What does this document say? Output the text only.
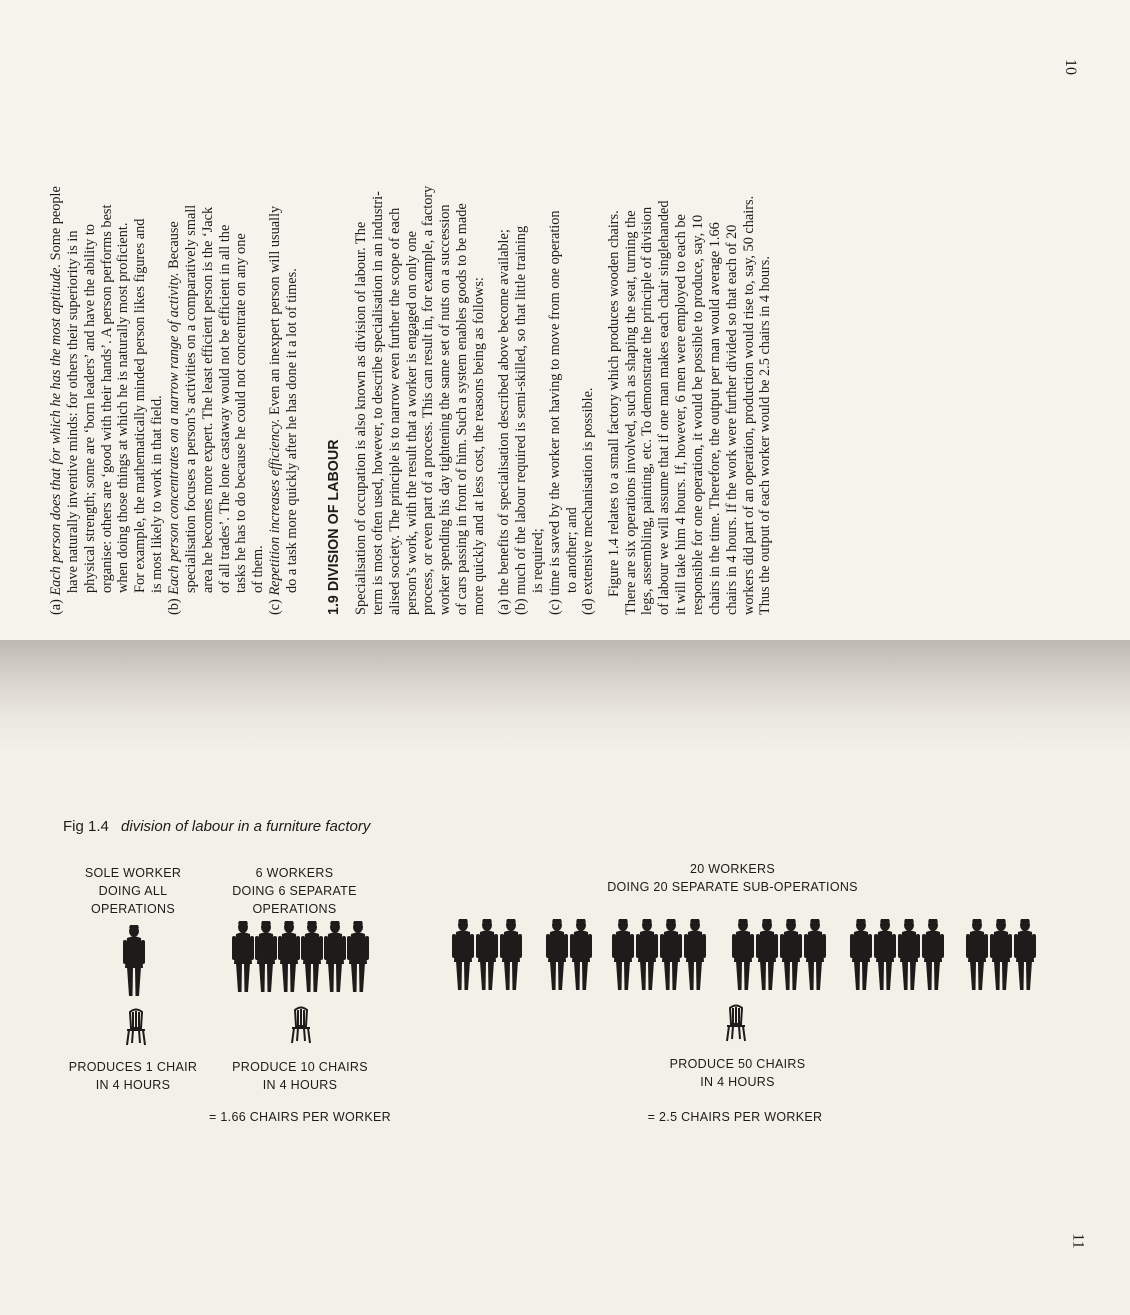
(a) Each person does that for which he has the most aptitude. Some people
have naturally inventive minds: for others their superiority is in physical strength; some are ‘born leaders’ and have the ability to organise: others are ‘good with their hands’. A person performs best when doing those things at which he is naturally most proficient. For example, the mathematically minded person likes figures and is most likely to work in that field.
(b) Each person concentrates on a narrow range of activity. Because specialisation focuses a person’s activities on a comparatively small area he becomes more expert. The least efficient person is the ‘Jack of all trades’. The lone castaway would not be efficient in all the tasks he has to do because he could not concentrate on any one of them.
(c) Repetition increases efficiency. Even an inexpert person will usually do a task more quickly after he has done it a lot of times. 1.9 DIVISION OF LABOUR Specialisation of occupation is also known as division of labour. The term is most often used, however, to describe specialisation in an industri- alised society. The principle is to narrow even further the scope of each person’s work, with the result that a worker is engaged on only one process, or even part of a process. This can result in, for example, a factory worker spending his day tightening the same set of nuts on a succession of cars passing in front of him. Such a system enables goods to be made more quickly and at less cost, the reasons being as follows: (a) the benefits of specialisation described above become available; (b) much of the labour required is semi-skilled, so that little training is required; (c) time is saved by the worker not having to move from one operation to another; and (d) extensive mechanisation is possible. Figure 1.4 relates to a small factory which produces wooden chairs. There are six operations involved, such as shaping the seat, turning the legs, assembling, painting, etc. To demonstrate the principle of division of labour we will assume that if one man makes each chair singlehanded it will take him 4 hours. If, however, 6 men were employed to each be responsible for one operation, it would be possible to produce, say, 10 chairs in the time. Therefore, the output per man would average 1.66 chairs in 4 hours. If the work were further divided so that each of 20 workers did part of an operation, production would rise to, say, 50 chairs. Thus the output of each worker would be 2.5 chairs in 4 hours.
10
Fig 1.4 division of labour in a furniture factory
SOLE WORKER
DOING ALL
OPERATIONS
6 WORKERS
DOING 6 SEPARATE
OPERATIONS
20 WORKERS
DOING 20 SEPARATE SUB-OPERATIONS
PRODUCES 1 CHAIR
IN 4 HOURS
PRODUCE 10 CHAIRS
IN 4 HOURS
PRODUCE 50 CHAIRS
IN 4 HOURS
= 1.66 CHAIRS PER WORKER	= 2.5 CHAIRS PER WORKER
11
